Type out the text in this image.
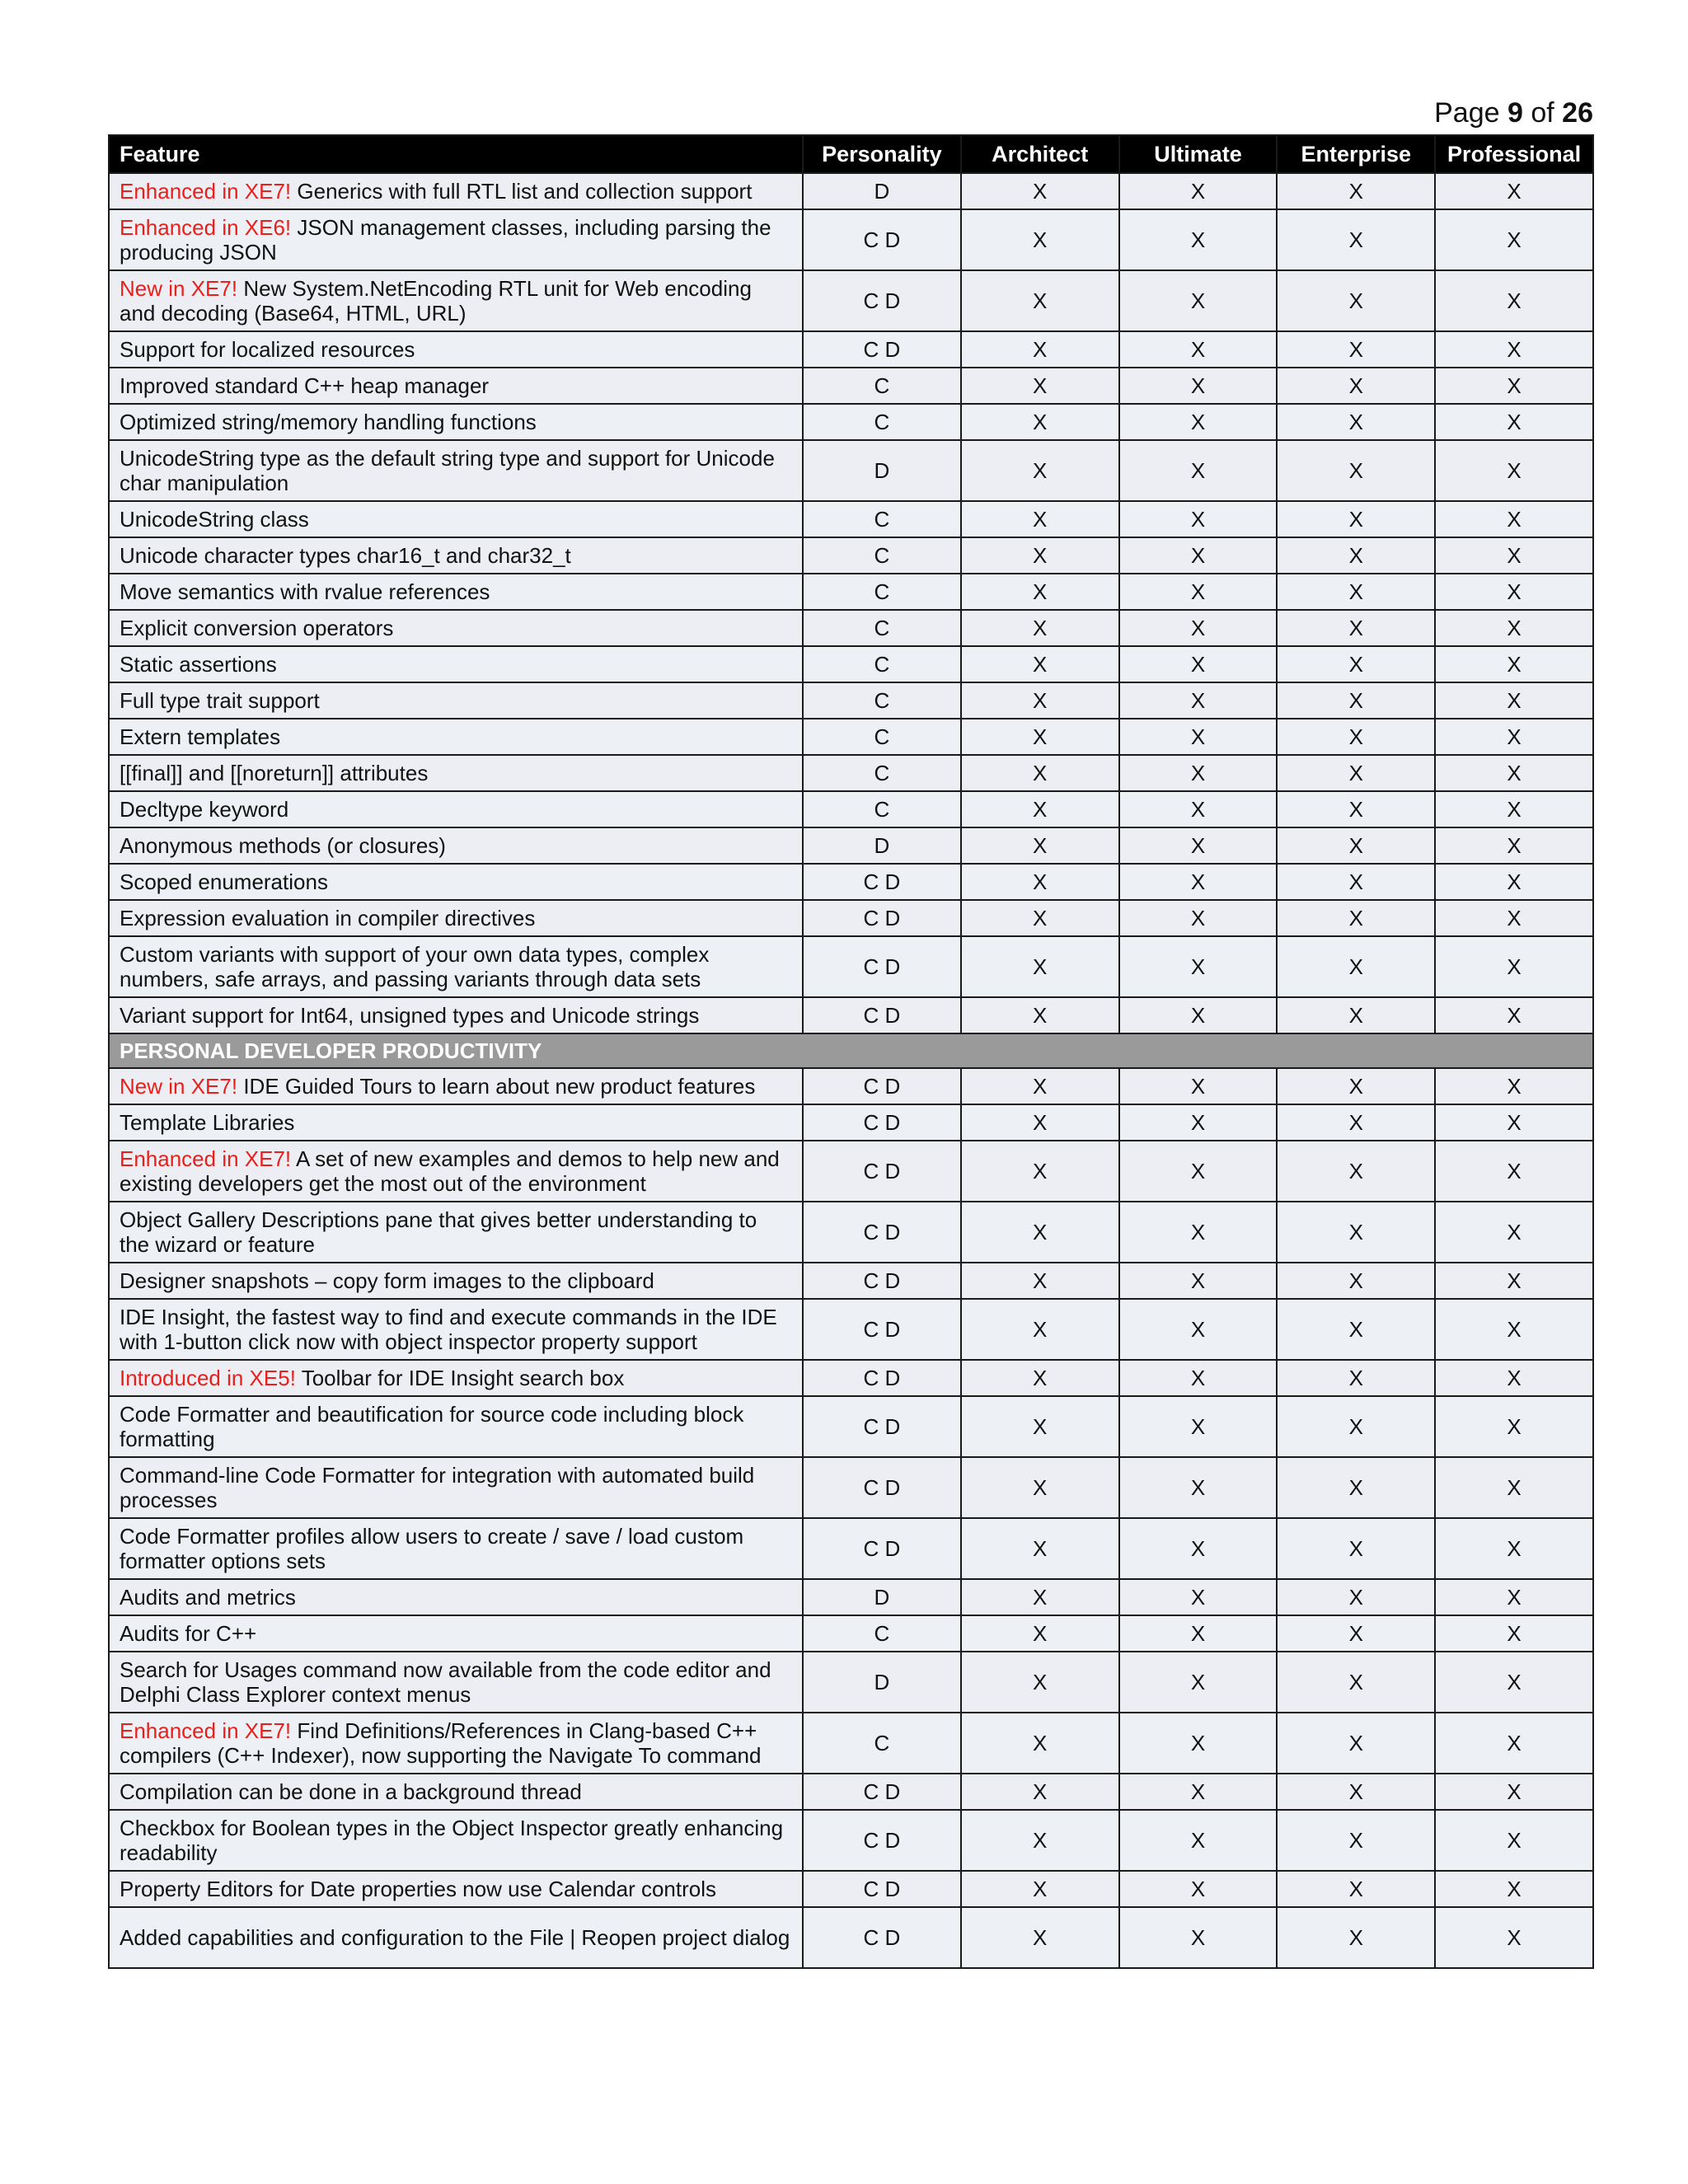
Page 9 of 26
Feature	Personality	Architect	Ultimate	Enterprise	Professional
Enhanced in XE7! Generics with full RTL list and collection support	D	X	X	X	X
Enhanced in XE6! JSON management classes, including parsing the producing JSON	C D	X	X	X	X
New in XE7! New System.NetEncoding RTL unit for Web encoding and decoding (Base64, HTML, URL)	C D	X	X	X	X
Support for localized resources	C D	X	X	X	X
Improved standard C++ heap manager	C	X	X	X	X
Optimized string/memory handling functions	C	X	X	X	X
UnicodeString type as the default string type and support for Unicode char manipulation	D	X	X	X	X
UnicodeString class	C	X	X	X	X
Unicode character types char16_t and char32_t	C	X	X	X	X
Move semantics with rvalue references	C	X	X	X	X
Explicit conversion operators	C	X	X	X	X
Static assertions	C	X	X	X	X
Full type trait support	C	X	X	X	X
Extern templates	C	X	X	X	X
[[final]] and [[noreturn]] attributes	C	X	X	X	X
Decltype keyword	C	X	X	X	X
Anonymous methods (or closures)	D	X	X	X	X
Scoped enumerations	C D	X	X	X	X
Expression evaluation in compiler directives	C D	X	X	X	X
Custom variants with support of your own data types, complex numbers, safe arrays, and passing variants through data sets	C D	X	X	X	X
Variant support for Int64, unsigned types and Unicode strings	C D	X	X	X	X
PERSONAL DEVELOPER PRODUCTIVITY					
New in XE7! IDE Guided Tours to learn about new product features	C D	X	X	X	X
Template Libraries	C D	X	X	X	X
Enhanced in XE7! A set of new examples and demos to help new and existing developers get the most out of the environment	C D	X	X	X	X
Object Gallery Descriptions pane that gives better understanding to the wizard or feature	C D	X	X	X	X
Designer snapshots – copy form images to the clipboard	C D	X	X	X	X
IDE Insight, the fastest way to find and execute commands in the IDE with 1-button click now with object inspector property support	C D	X	X	X	X
Introduced in XE5! Toolbar for IDE Insight search box	C D	X	X	X	X
Code Formatter and beautification for source code including block formatting	C D	X	X	X	X
Command-line Code Formatter for integration with automated build processes	C D	X	X	X	X
Code Formatter profiles allow users to create / save / load custom formatter options sets	C D	X	X	X	X
Audits and metrics	D	X	X	X	X
Audits for C++	C	X	X	X	X
Search for Usages command now available from the code editor and Delphi Class Explorer context menus	D	X	X	X	X
Enhanced in XE7! Find Definitions/References in Clang-based C++ compilers (C++ Indexer), now supporting the Navigate To command	C	X	X	X	X
Compilation can be done in a background thread	C D	X	X	X	X
Checkbox for Boolean types in the Object Inspector greatly enhancing readability	C D	X	X	X	X
Property Editors for Date properties now use Calendar controls	C D	X	X	X	X
Added capabilities and configuration to the File | Reopen project dialog	C D	X	X	X	X
